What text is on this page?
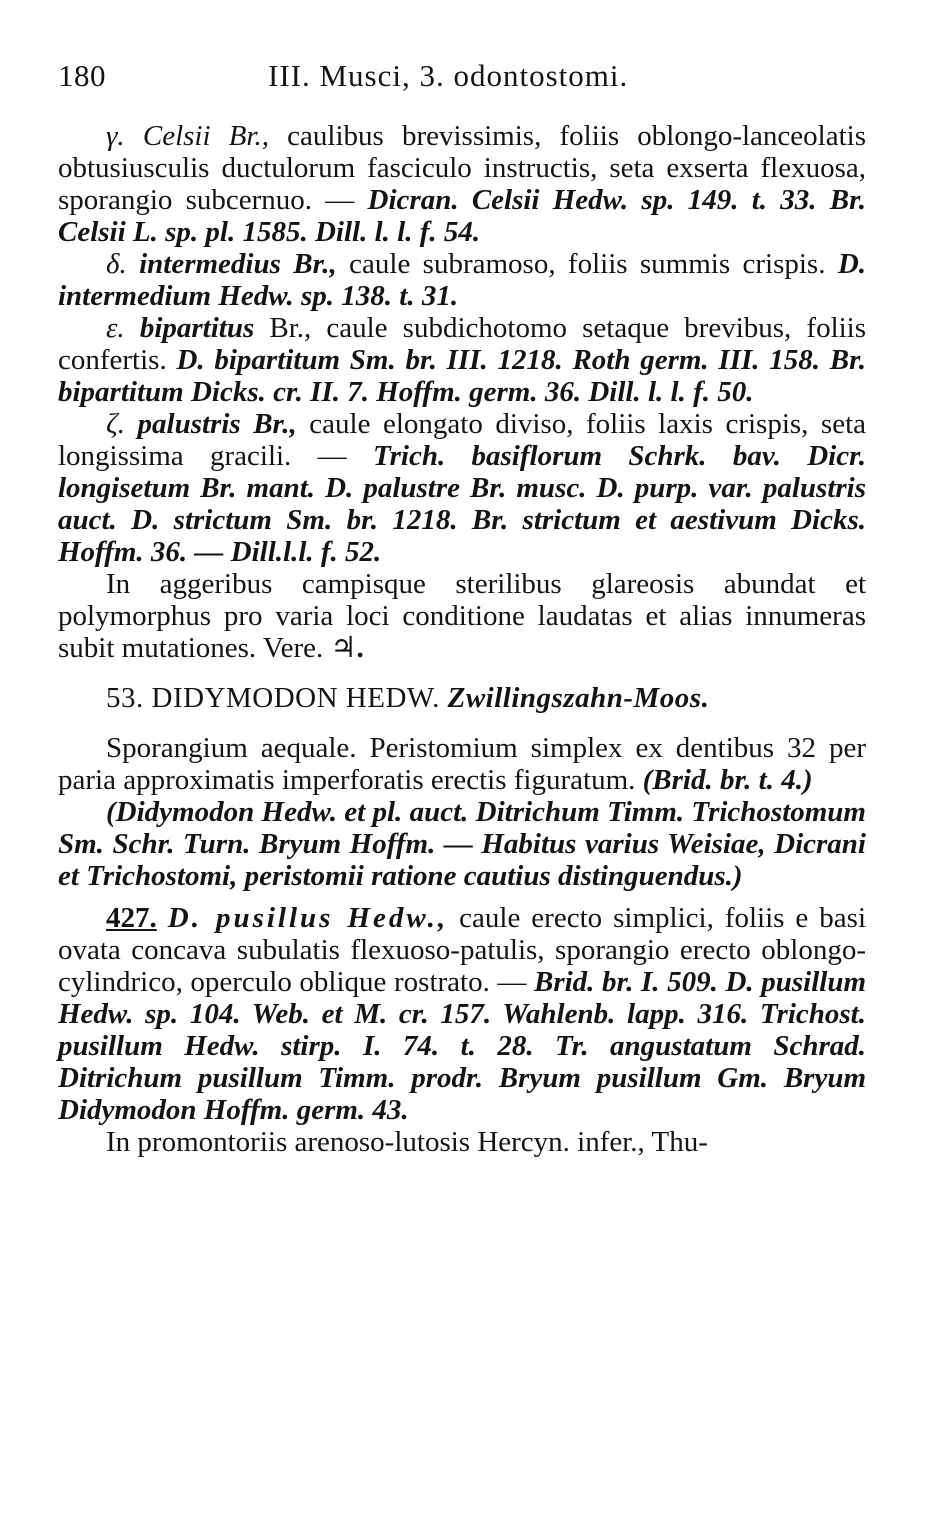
180	III. Musci, 3. odontostomi.

γ. Celsii Br., caulibus brevissimis, foliis oblongo-lanceolatis obtusiusculis ductulorum fasciculo instructis, seta exserta flexuosa, sporangio subcernuo. — Dicran. Celsii Hedw. sp. 149. t. 33. Br. Celsii L. sp. pl. 1585. Dill. l. l. f. 54.

δ. intermedius Br., caule subramoso, foliis summis crispis. D. intermedium Hedw. sp. 138. t. 31.

ε. bipartitus Br., caule subdichotomo setaque brevibus, foliis confertis. D. bipartitum Sm. br. III. 1218. Roth germ. III. 158. Br. bipartitum Dicks. cr. II. 7. Hoffm. germ. 36. Dill. l. l. f. 50.

ζ. palustris Br., caule elongato diviso, foliis laxis crispis, seta longissima gracili. — Trich. basiflorum Schrk. bav. Dicr. longisetum Br. mant. D. palustre Br. musc. D. purp. var. palustris auct. D. strictum Sm. br. 1218. Br. strictum et aestivum Dicks. Hoffm. 36. — Dill.l.l. f. 52.

In aggeribus campisque sterilibus glareosis abundat et polymorphus pro varia loci conditione laudatas et alias innumeras subit mutationes. Vere. ♃.

53. DIDYMODON HEDW. Zwillingszahn-Moos.

Sporangium aequale. Peristomium simplex ex dentibus 32 per paria approximatis imperforatis erectis figuratum. (Brid. br. t. 4.)

(Didymodon Hedw. et pl. auct. Ditrichum Timm. Trichostomum Sm. Schr. Turn. Bryum Hoffm. — Habitus varius Weisiae, Dicrani et Trichostomi, peristomii ratione cautius distinguendus.)

427. D. pusillus Hedw., caule erecto simplici, foliis e basi ovata concava subulatis flexuoso-patulis, sporangio erecto oblongo-cylindrico, operculo oblique rostrato. — Brid. br. I. 509. D. pusillum Hedw. sp. 104. Web. et M. cr. 157. Wahlenb. lapp. 316. Trichost. pusillum Hedw. stirp. I. 74. t. 28. Tr. angustatum Schrad. Ditrichum pusillum Timm. prodr. Bryum pusillum Gm. Bryum Didymodon Hoffm. germ. 43.

In promontoriis arenoso-lutosis Hercyn. infer., Thu-
